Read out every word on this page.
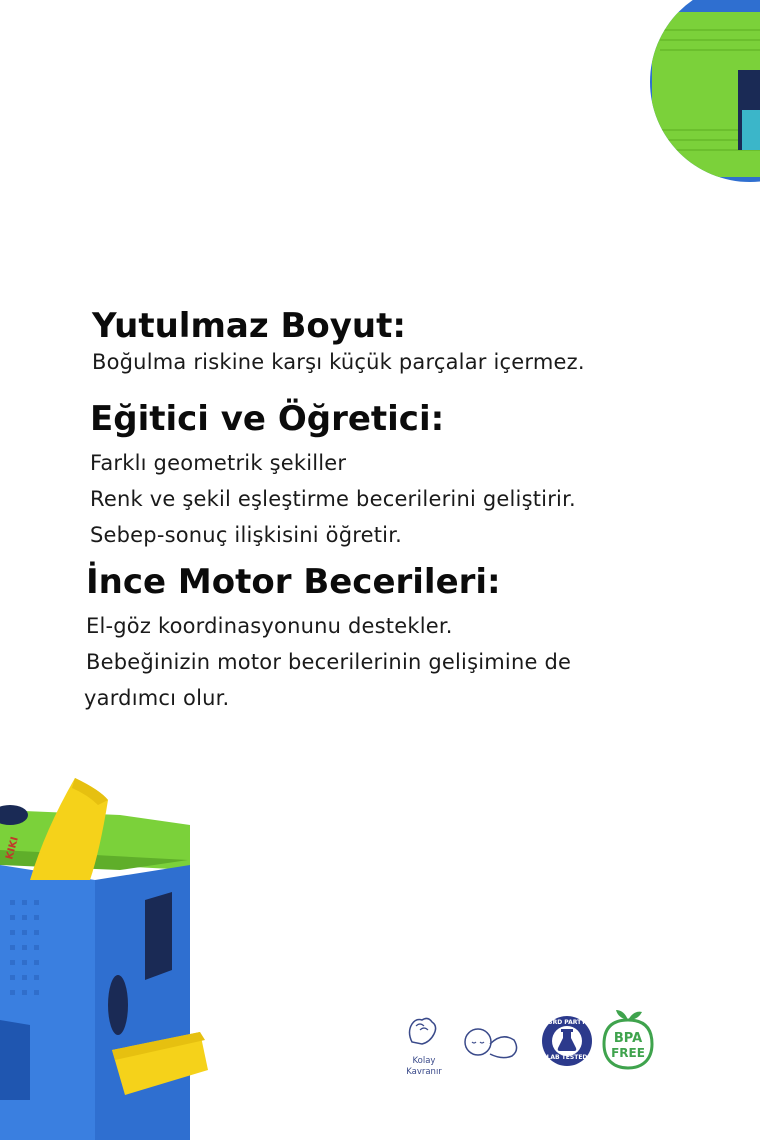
Yutulmaz Boyut:

Boğulma riskine karşı küçük parçalar içermez.

Eğitici ve Öğretici:

Farklı geometrik şekiller

Renk ve şekil eşleştirme becerilerini geliştirir.

Sebep-sonuç ilişkisini öğretir.

İnce Motor Becerileri:

El-göz koordinasyonunu destekler.

Bebeğinizin motor becerilerinin gelişimine de

yardımcı olur.

KIKI
Kolay
Kavranır
3RD PARTY
LAB TESTED
BPA
FREE
